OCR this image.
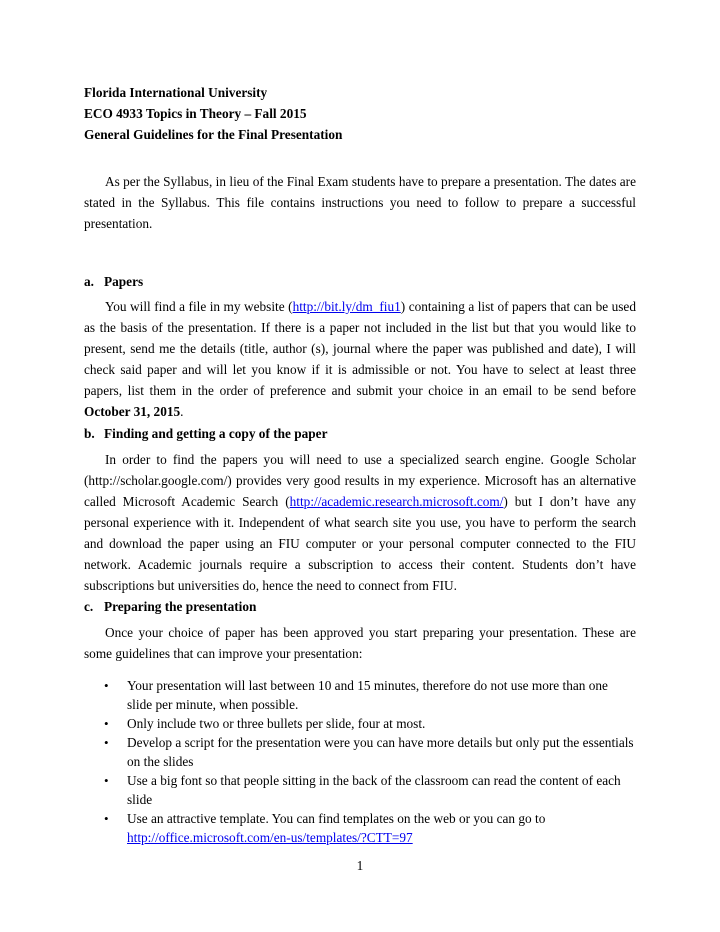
Florida International University
ECO 4933 Topics in Theory – Fall 2015
General Guidelines for the Final Presentation

As per the Syllabus, in lieu of the Final Exam students have to prepare a presentation. The dates are stated in the Syllabus. This file contains instructions you need to follow to prepare a successful presentation.

a. Papers

You will find a file in my website (http://bit.ly/dm_fiu1) containing a list of papers that can be used as the basis of the presentation. If there is a paper not included in the list but that you would like to present, send me the details (title, author (s), journal where the paper was published and date), I will check said paper and will let you know if it is admissible or not. You have to select at least three papers, list them in the order of preference and submit your choice in an email to be send before October 31, 2015.

b. Finding and getting a copy of the paper

In order to find the papers you will need to use a specialized search engine. Google Scholar (http://scholar.google.com/) provides very good results in my experience. Microsoft has an alternative called Microsoft Academic Search (http://academic.research.microsoft.com/) but I don’t have any personal experience with it. Independent of what search site you use, you have to perform the search and download the paper using an FIU computer or your personal computer connected to the FIU network. Academic journals require a subscription to access their content. Students don’t have subscriptions but universities do, hence the need to connect from FIU.

c. Preparing the presentation

Once your choice of paper has been approved you start preparing your presentation. These are some guidelines that can improve your presentation:

• Your presentation will last between 10 and 15 minutes, therefore do not use more than one slide per minute, when possible.
• Only include two or three bullets per slide, four at most.
• Develop a script for the presentation were you can have more details but only put the essentials on the slides
• Use a big font so that people sitting in the back of the classroom can read the content of each slide
• Use an attractive template. You can find templates on the web or you can go to
http://office.microsoft.com/en-us/templates/?CTT=97
1
